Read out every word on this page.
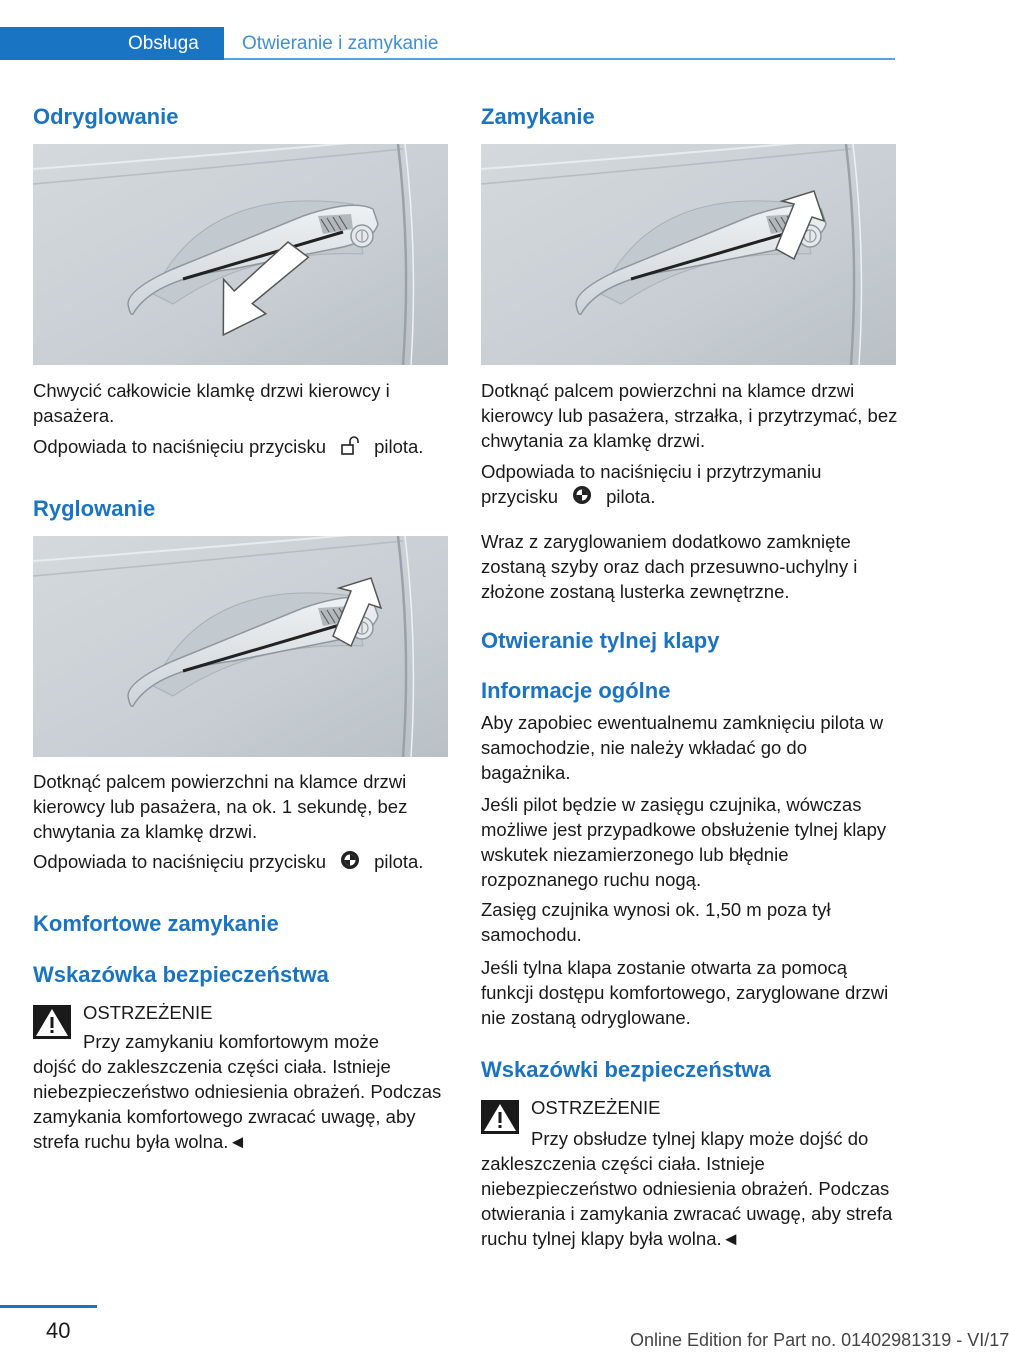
Obsługa Otwieranie i zamykanie
Odryglowanie
Chwycić całkowicie klamkę drzwi kierowcy i pasażera.
Odpowiada to naciśnięciu przycisku	pilota.
Ryglowanie
Dotknąć palcem powierzchni na klamce drzwi kierowcy lub pasażera, na ok. 1 sekundę, bez chwytania za klamkę drzwi.
Odpowiada to naciśnięciu przycisku	pilota.
Komfortowe zamykanie
Wskazówka bezpieczeństwa
OSTRZEŻENIE
Przy zamykaniu komfortowym może
dojść do zakleszczenia części ciała. Istnieje niebezpieczeństwo odniesienia obrażeń. Podczas zamykania komfortowego zwracać uwagę, aby strefa ruchu była wolna.◄
Zamykanie
Dotknąć palcem powierzchni na klamce drzwi kierowcy lub pasażera, strzałka, i przytrzymać, bez chwytania za klamkę drzwi.
Odpowiada to naciśnięciu i przytrzymaniu
przycisku	pilota.
Wraz z zaryglowaniem dodatkowo zamknięte zostaną szyby oraz dach przesuwno-uchylny i złożone zostaną lusterka zewnętrzne.
Otwieranie tylnej klapy
Informacje ogólne
Aby zapobiec ewentualnemu zamknięciu pilota w samochodzie, nie należy wkładać go do bagażnika.
Jeśli pilot będzie w zasięgu czujnika, wówczas możliwe jest przypadkowe obsłużenie tylnej klapy wskutek niezamierzonego lub błędnie rozpoznanego ruchu nogą.
Zasięg czujnika wynosi ok. 1,50 m poza tył samochodu.
Jeśli tylna klapa zostanie otwarta za pomocą funkcji dostępu komfortowego, zaryglowane drzwi nie zostaną odryglowane.
Wskazówki bezpieczeństwa
OSTRZEŻENIE
Przy obsłudze tylnej klapy może dojść do
zakleszczenia części ciała. Istnieje niebezpieczeństwo odniesienia obrażeń. Podczas otwierania i zamykania zwracać uwagę, aby strefa ruchu tylnej klapy była wolna.◄
40	Online Edition for Part no. 01402981319 - VI/17
